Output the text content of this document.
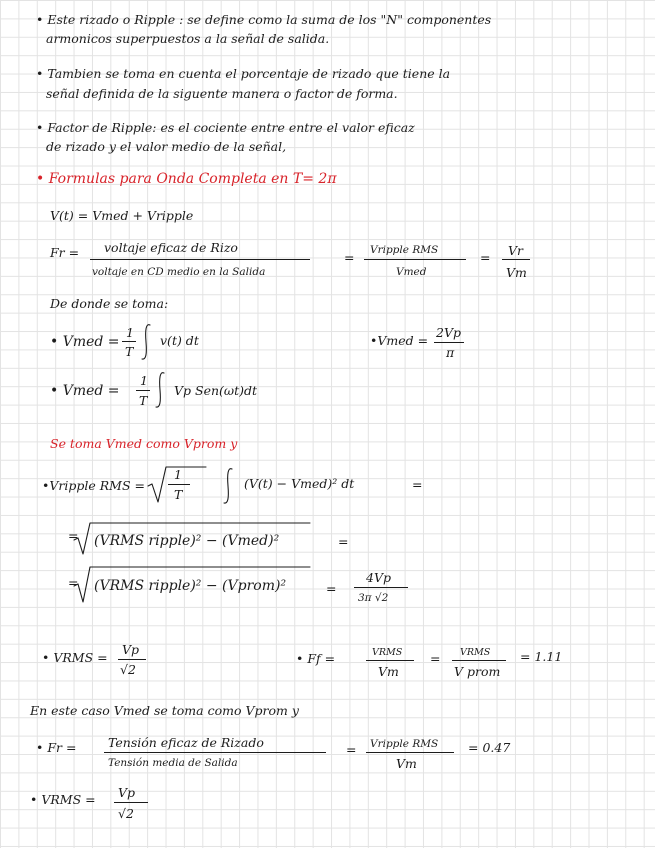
• Este rizado o Ripple : se define como la suma de los "N" componentes
armonicos superpuestos a la señal de salida.
• Tambien se toma en cuenta el porcentaje de rizado que tiene la
señal definida de la siguente manera o factor de forma.
• Factor de Ripple: es el cociente entre entre el valor eficaz
de rizado y el valor medio de la señal,
• Formulas para Onda Completa en T= 2π
V(t) = Vmed + Vripple
Fr = voltaje eficaz de Rizo
voltaje en CD medio en la Salida
= Vripple RMS
Vmed
= Vr
Vm
De donde se toma:
• Vmed =
1
T
v(t) dt	•Vmed =
2Vp
π
• Vmed =
1
T
Vp Sen(ωt)dt
Se toma Vmed como Vprom y
•Vripple RMS =
1
T
(V(t) − Vmed)² dt	=
= (VRMS ripple)² − (Vmed)²	=
= (VRMS ripple)² − (Vprom)²	=
4Vp
3π √2
• VRMS =
Vp
√2
• Ff =	VRMS
Vm
= VRMS
V prom
= 1.11
En este caso Vmed se toma como Vprom y
• Fr =	Tensión eficaz de Rizado
Tensión media de Salida
= Vripple RMS
Vm
= 0.47
• VRMS = Vp
√2
